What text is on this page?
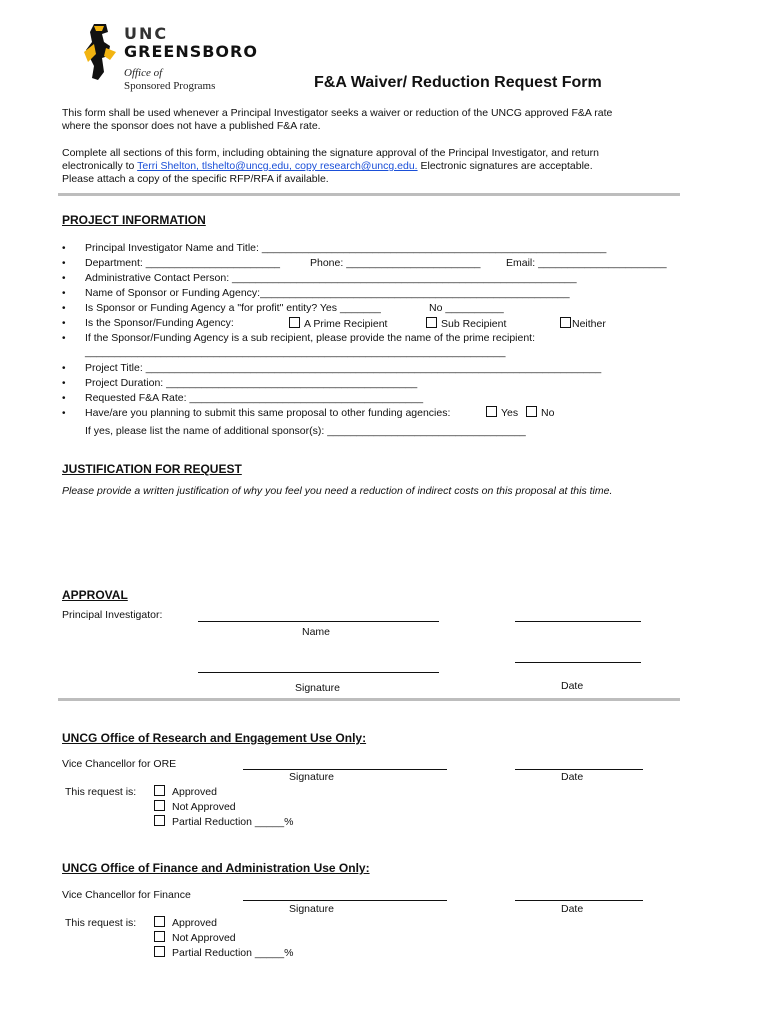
UNC
GREENSBORO
Office of
Sponsored Programs	F&A Waiver/ Reduction Request Form
This form shall be used whenever a Principal Investigator seeks a waiver or reduction of the UNCG approved F&A rate
where the sponsor does not have a published F&A rate.
Complete all sections of this form, including obtaining the signature approval of the Principal Investigator, and return
electronically to Terri Shelton, tlshelto@uncg.edu, copy research@uncg.edu. Electronic signatures are acceptable.
Please attach a copy of the specific RFP/RFA if available.
PROJECT INFORMATION
• Principal Investigator Name and Title: ___________________________________________________________
• Department: _______________________	Phone: _______________________ Email: ______________________
• Administrative Contact Person: ___________________________________________________________
• Name of Sponsor or Funding Agency:_____________________________________________________
• Is Sponsor or Funding Agency a "for profit" entity? Yes _______	No __________
• Is the Sponsor/Funding Agency:	A Prime Recipient	Sub Recipient	Neither
• If the Sponsor/Funding Agency is a sub recipient, please provide the name of the prime recipient:
________________________________________________________________________
• Project Title: ______________________________________________________________________________
• Project Duration: ___________________________________________
• Requested F&A Rate: ________________________________________
• Have/are you planning to submit this same proposal to other funding agencies:	Yes	No
If yes, please list the name of additional sponsor(s): __________________________________
JUSTIFICATION FOR REQUEST
Please provide a written justification of why you feel you need a reduction of indirect costs on this proposal at this time.
APPROVAL
Principal Investigator:
Name
Signature	Date
UNCG Office of Research and Engagement Use Only:
Vice Chancellor for ORE
Signature	Date
This request is:	Approved
Not Approved
Partial Reduction _____%
UNCG Office of Finance and Administration Use Only:
Vice Chancellor for Finance
Signature	Date
This request is:	Approved
Not Approved
Partial Reduction _____%
